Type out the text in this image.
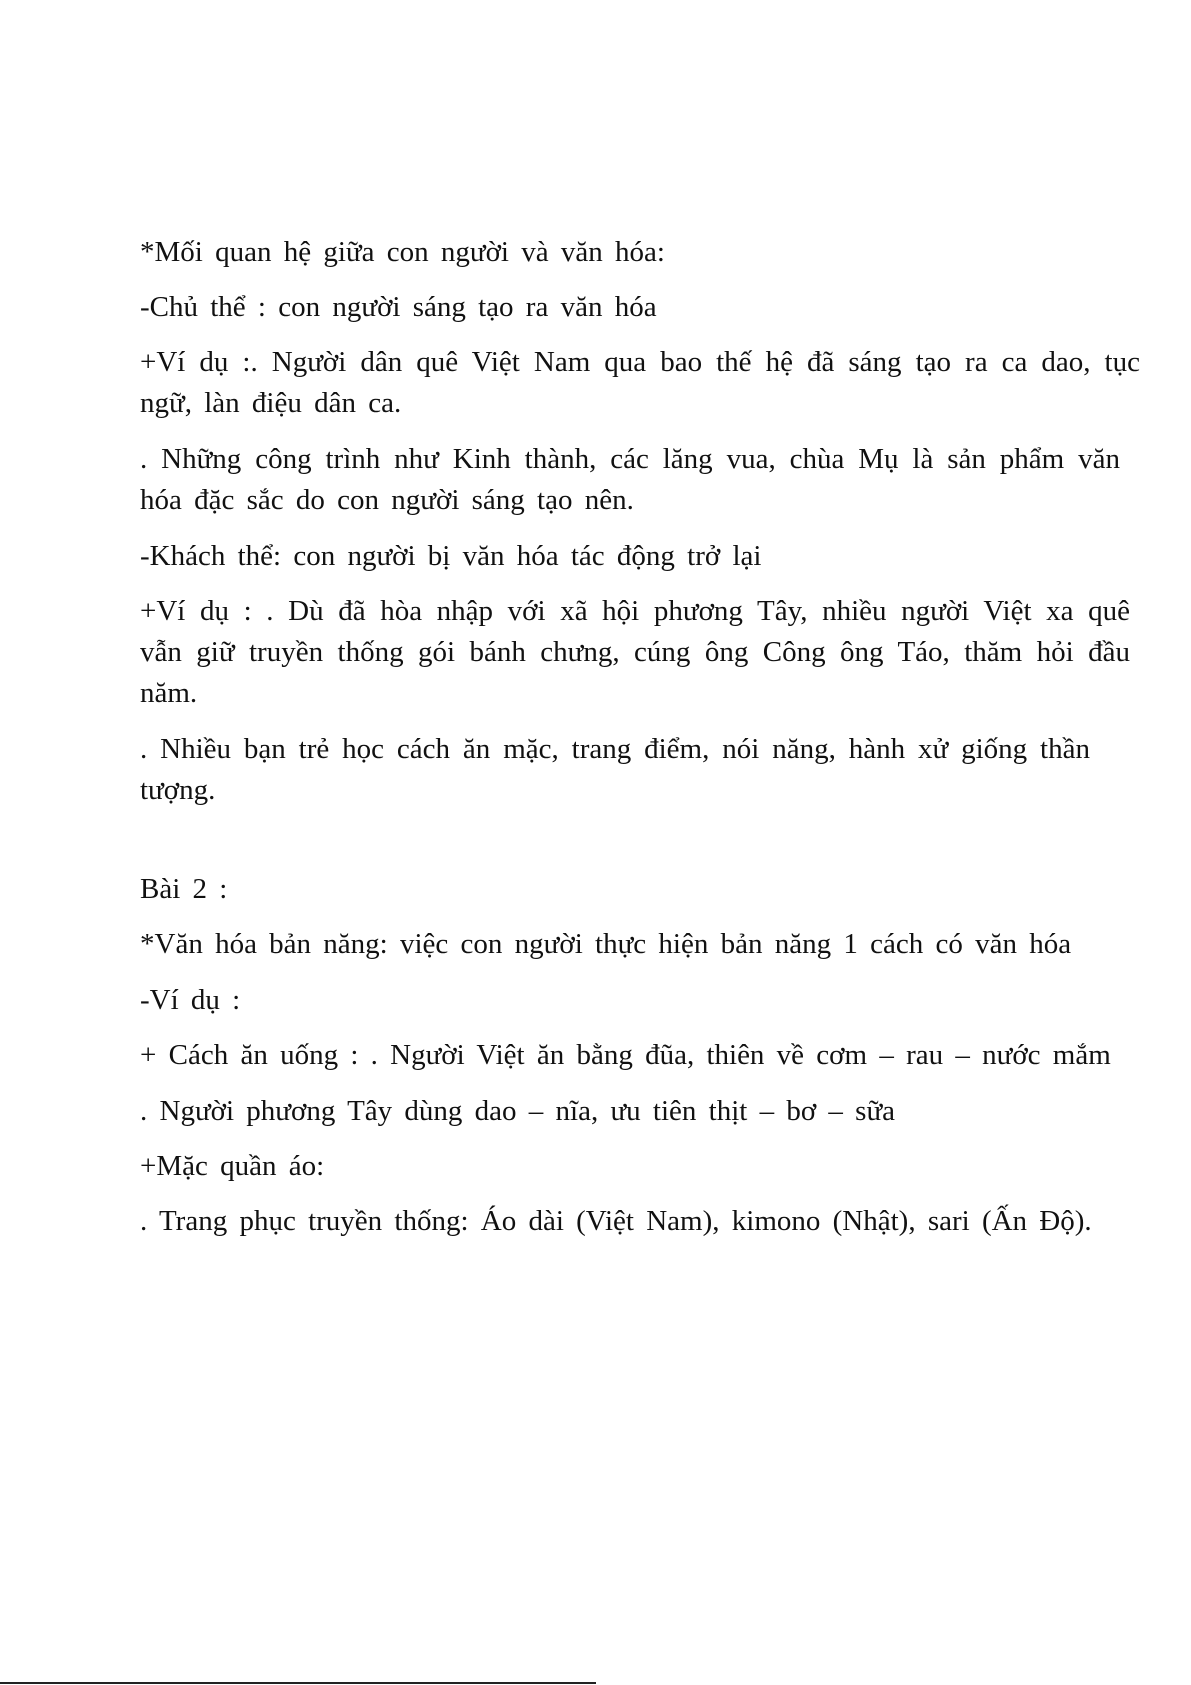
*Mối quan hệ giữa con người và văn hóa:

-Chủ thể : con người sáng tạo ra văn hóa

+Ví dụ :. Người dân quê Việt Nam qua bao thế hệ đã sáng tạo ra ca dao, tục ngữ, làn điệu dân ca.

. Những công trình như Kinh thành, các lăng vua, chùa Mụ là sản phẩm văn hóa đặc sắc do con người sáng tạo nên.

-Khách thể: con người bị văn hóa tác động trở lại

+Ví dụ : . Dù đã hòa nhập với xã hội phương Tây, nhiều người Việt xa quê vẫn giữ truyền thống gói bánh chưng, cúng ông Công ông Táo, thăm hỏi đầu năm.

. Nhiều bạn trẻ học cách ăn mặc, trang điểm, nói năng, hành xử giống thần tượng.

Bài 2 :

*Văn hóa bản năng: việc con người thực hiện bản năng 1 cách có văn hóa

-Ví dụ :

+ Cách ăn uống : . Người Việt ăn bằng đũa, thiên về cơm – rau – nước mắm

. Người phương Tây dùng dao – nĩa, ưu tiên thịt – bơ – sữa

+Mặc quần áo:

. Trang phục truyền thống: Áo dài (Việt Nam), kimono (Nhật), sari (Ấn Độ).
